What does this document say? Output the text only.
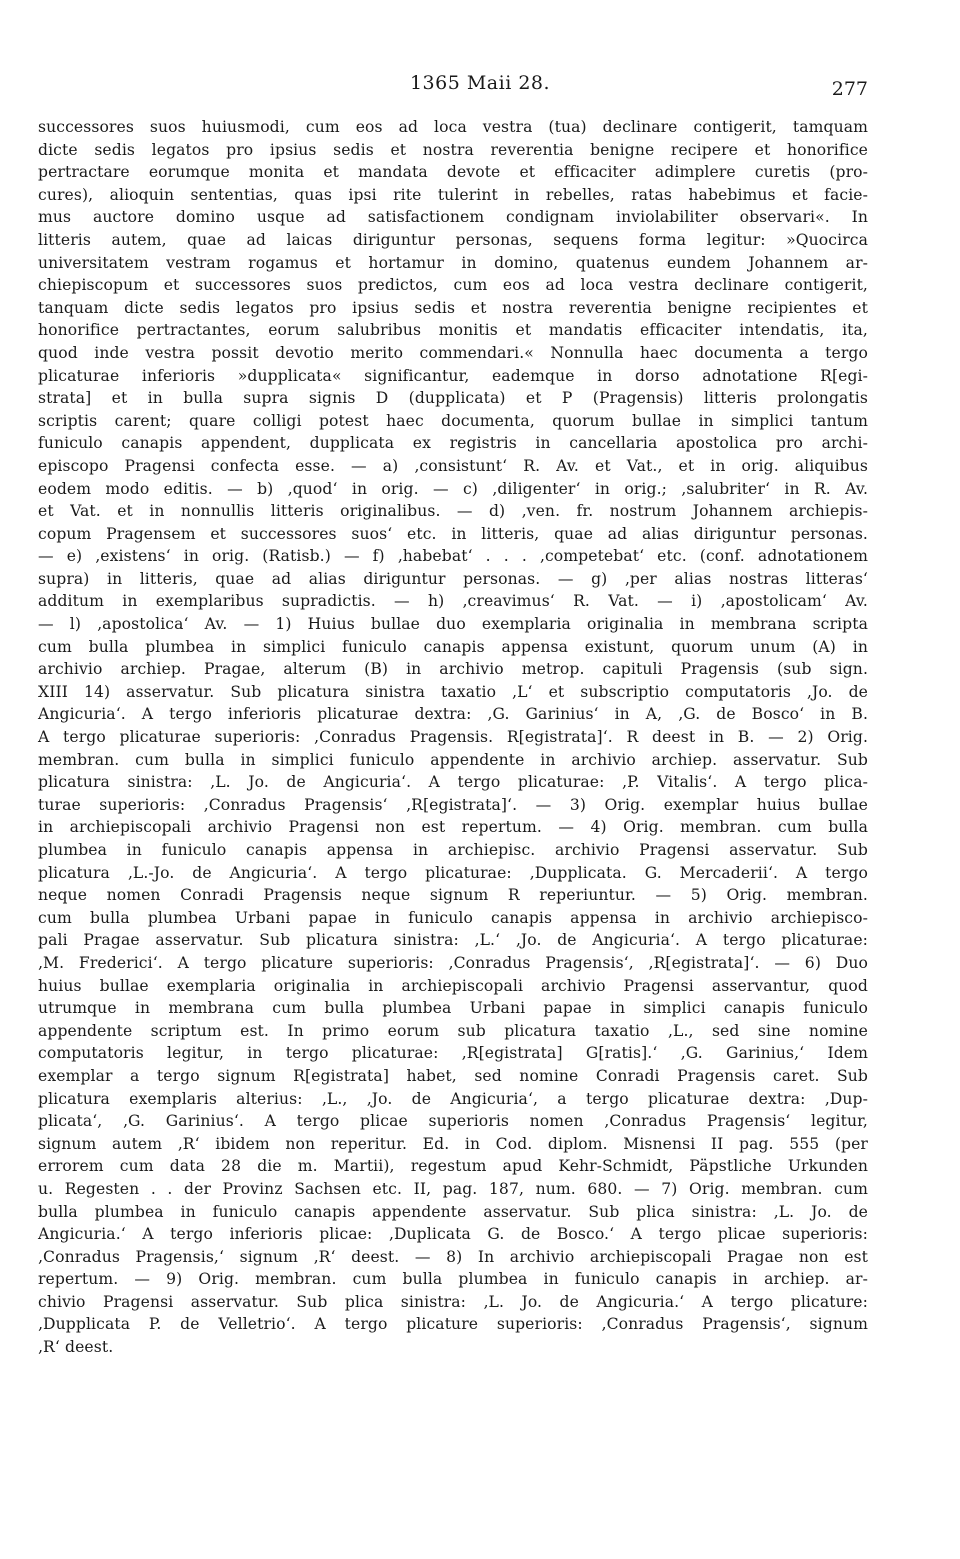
1365 Maii 28.	277
successores suos huiusmodi, cum eos ad loca vestra (tua) declinare contigerit, tamquam
dicte sedis legatos pro ipsius sedis et nostra reverentia benigne recipere et honorifice
pertractare eorumque monita et mandata devote et efficaciter adimplere curetis (pro-
cures), alioquin sententias, quas ipsi rite tulerint in rebelles, ratas habebimus et facie-
mus auctore domino usque ad satisfactionem condignam inviolabiliter observari«. In
litteris autem, quae ad laicas diriguntur personas, sequens forma legitur: »Quocirca
universitatem vestram rogamus et hortamur in domino, quatenus eundem Johannem ar-
chiepiscopum et successores suos predictos, cum eos ad loca vestra declinare contigerit,
tanquam dicte sedis legatos pro ipsius sedis et nostra reverentia benigne recipientes et
honorifice pertractantes, eorum salubribus monitis et mandatis efficaciter intendatis, ita,
quod inde vestra possit devotio merito commendari.« Nonnulla haec documenta a tergo
plicaturae inferioris »dupplicata« significantur, eademque in dorso adnotatione R[egi-
strata] et in bulla supra signis D (dupplicata) et P (Pragensis) litteris prolongatis
scriptis carent; quare colligi potest haec documenta, quorum bullae in simplici tantum
funiculo canapis appendent, dupplicata ex registris in cancellaria apostolica pro archi-
episcopo Pragensi confecta esse. — a) ‚consistunt‘ R. Av. et Vat., et in orig. aliquibus
eodem modo editis. — b) ‚quod‘ in orig. — c) ‚diligenter‘ in orig.; ‚salubriter‘ in R. Av.
et Vat. et in nonnullis litteris originalibus. — d) ‚ven. fr. nostrum Johannem archiepis-
copum Pragensem et successores suos‘ etc. in litteris, quae ad alias diriguntur personas.
— e) ‚existens‘ in orig. (Ratisb.) — f) ‚habebat‘ . . . ‚competebat‘ etc. (conf. adnotationem
supra) in litteris, quae ad alias diriguntur personas. — g) ‚per alias nostras litteras‘
additum in exemplaribus supradictis. — h) ‚creavimus‘ R. Vat. — i) ‚apostolicam‘ Av.
— l) ‚apostolica‘ Av. — 1) Huius bullae duo exemplaria originalia in membrana scripta
cum bulla plumbea in simplici funiculo canapis appensa existunt, quorum unum (A) in
archivio archiep. Pragae, alterum (B) in archivio metrop. capituli Pragensis (sub sign.
XIII 14) asservatur. Sub plicatura sinistra taxatio ‚L‘ et subscriptio computatoris ‚Jo. de
Angicuria‘. A tergo inferioris plicaturae dextra: ‚G. Garinius‘ in A, ‚G. de Bosco‘ in B.
A tergo plicaturae superioris: ‚Conradus Pragensis. R[egistrata]‘. R deest in B. — 2) Orig.
membran. cum bulla in simplici funiculo appendente in archivio archiep. asservatur. Sub
plicatura sinistra: ‚L. Jo. de Angicuria‘. A tergo plicaturae: ‚P. Vitalis‘. A tergo plica-
turae superioris: ‚Conradus Pragensis‘ ‚R[egistrata]‘. — 3) Orig. exemplar huius bullae
in archiepiscopali archivio Pragensi non est repertum. — 4) Orig. membran. cum bulla
plumbea in funiculo canapis appensa in archiepisc. archivio Pragensi asservatur. Sub
plicatura ‚L.-Jo. de Angicuria‘. A tergo plicaturae: ‚Dupplicata. G. Mercaderii‘. A tergo
neque nomen Conradi Pragensis neque signum R reperiuntur. — 5) Orig. membran.
cum bulla plumbea Urbani papae in funiculo canapis appensa in archivio archiepisco-
pali Pragae asservatur. Sub plicatura sinistra: ‚L.‘ ‚Jo. de Angicuria‘. A tergo plicaturae:
‚M. Frederici‘. A tergo plicature superioris: ‚Conradus Pragensis‘, ‚R[egistrata]‘. — 6) Duo
huius bullae exemplaria originalia in archiepiscopali archivio Pragensi asservantur, quod
utrumque in membrana cum bulla plumbea Urbani papae in simplici canapis funiculo
appendente scriptum est. In primo eorum sub plicatura taxatio ‚L., sed sine nomine
computatoris legitur, in tergo plicaturae: ‚R[egistrata] G[ratis].‘ ‚G. Garinius,‘ Idem
exemplar a tergo signum R[egistrata] habet, sed nomine Conradi Pragensis caret. Sub
plicatura exemplaris alterius: ‚L., ‚Jo. de Angicuria‘, a tergo plicaturae dextra: ‚Dup-
plicata‘, ‚G. Garinius‘. A tergo plicae superioris nomen ‚Conradus Pragensis‘ legitur,
signum autem ‚R‘ ibidem non reperitur. Ed. in Cod. diplom. Misnensi II pag. 555 (per
errorem cum data 28 die m. Martii), regestum apud Kehr-Schmidt, Päpstliche Urkunden
u. Regesten . . der Provinz Sachsen etc. II, pag. 187, num. 680. — 7) Orig. membran. cum
bulla plumbea in funiculo canapis appendente asservatur. Sub plica sinistra: ‚L. Jo. de
Angicuria.‘ A tergo inferioris plicae: ‚Duplicata G. de Bosco.‘ A tergo plicae superioris:
‚Conradus Pragensis,‘ signum ‚R‘ deest. — 8) In archivio archiepiscopali Pragae non est
repertum. — 9) Orig. membran. cum bulla plumbea in funiculo canapis in archiep. ar-
chivio Pragensi asservatur. Sub plica sinistra: ‚L. Jo. de Angicuria.‘ A tergo plicature:
‚Dupplicata P. de Velletrio‘. A tergo plicature superioris: ‚Conradus Pragensis‘, signum
‚R‘ deest.
